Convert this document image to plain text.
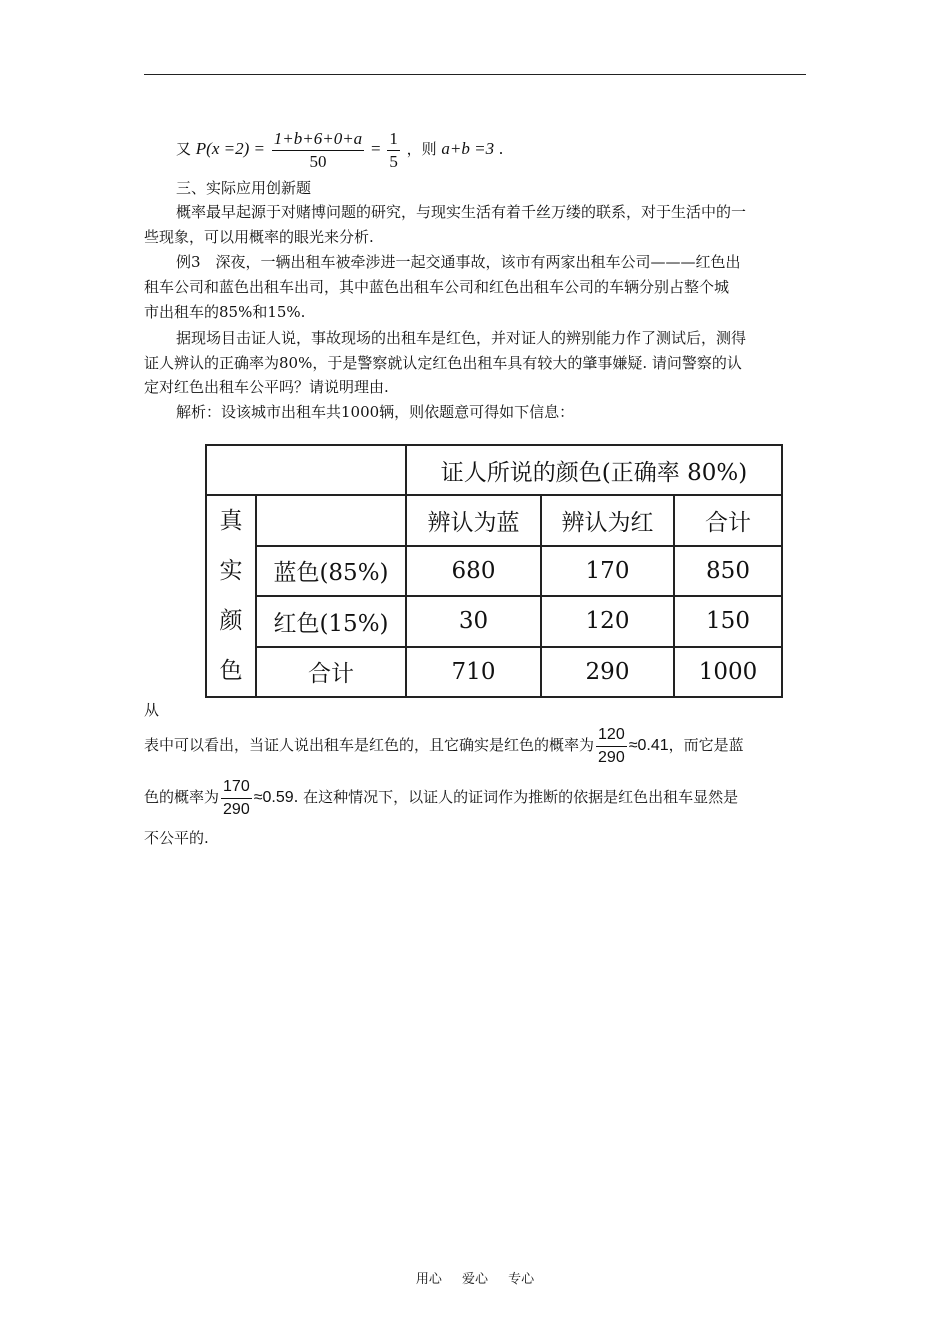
又 $P(x =2) = \frac{1+b+6+0+a}{50} = \frac{1}{5}$ ，则 a+b =3 .
三、实际应用创新题
概率最早起源于对赌博问题的研究，与现实生活有着千丝万缕的联系，对于生活中的一
些现象，可以用概率的眼光来分析.
例3　深夜，一辆出租车被牵涉进一起交通事故，该市有两家出租车公司———红色出
租车公司和蓝色出租车出司，其中蓝色出租车公司和红色出租车公司的车辆分别占整个城
市出租车的85%和15%.
据现场目击证人说，事故现场的出租车是红色，并对证人的辨别能力作了测试后，测得
证人辨认的正确率为80%，于是警察就认定红色出租车具有较大的肇事嫌疑. 请问警察的认
定对红色出租车公平吗？请说明理由.
解析：设该城市出租车共1000辆，则依题意可得如下信息：
		证人所说的颜色(正确率 80%)		

真
实
颜
色		辨认为蓝	辨认为红	合计
	蓝色(85%)	680	170	850
	红色(15%)	30	120	150
	合计	710	290	1000
从
表中可以看出，当证人说出租车是红色的，且它确实是红色的概率为 $\frac{120}{290} \approx 0.41$，而它是蓝
色的概率为 $\frac{170}{290} \approx 0.59$. 在这种情况下，以证人的证词作为推断的依据是红色出租车显然是
不公平的.
用心 爱心 专心
